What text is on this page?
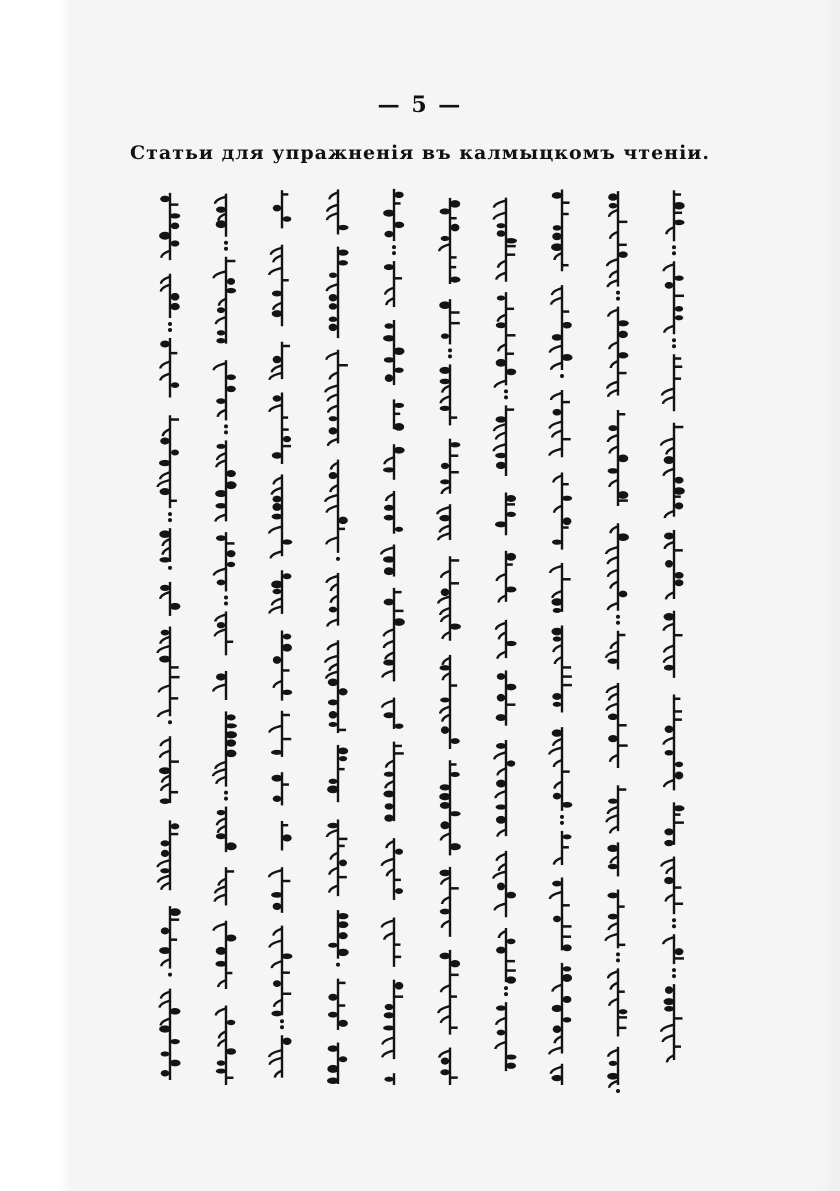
— 5 —
Статьи для упражненія въ калмыцкомъ чтеніи.
